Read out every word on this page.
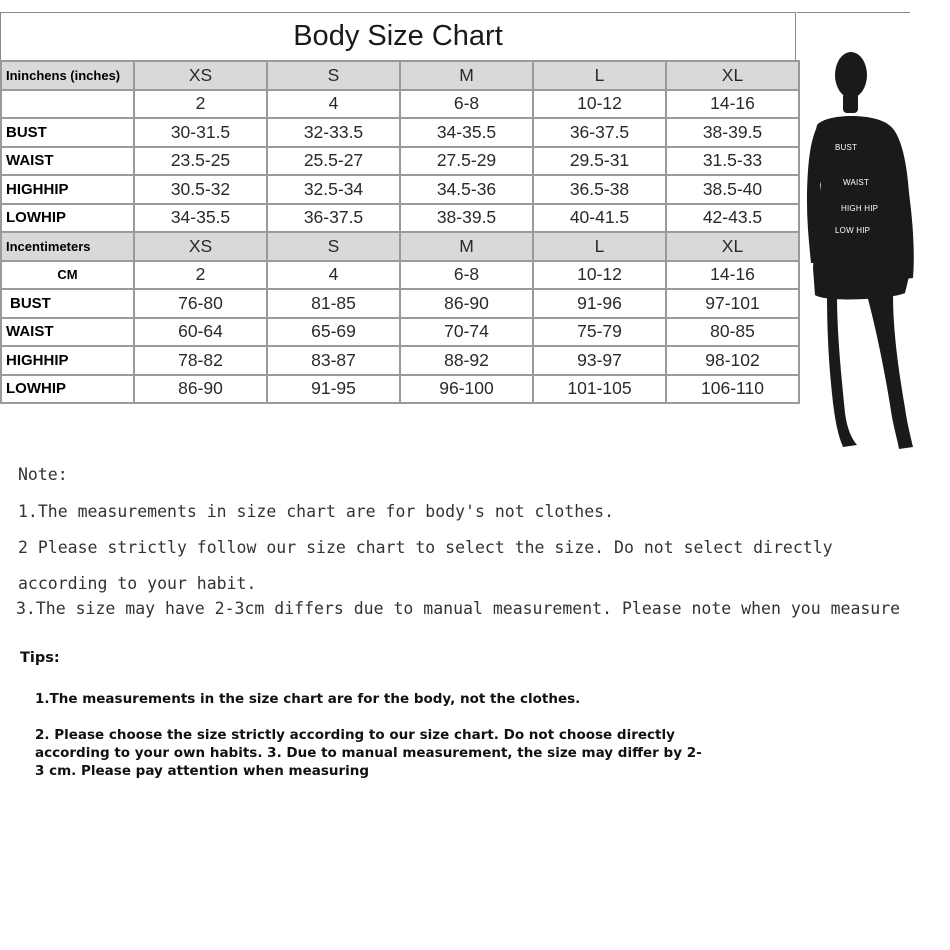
Body Size Chart
Ininchens (inches)	XS	S	M	L	XL
	2	4	6-8	10-12	14-16
BUST	30-31.5	32-33.5	34-35.5	36-37.5	38-39.5
WAIST	23.5-25	25.5-27	27.5-29	29.5-31	31.5-33
HIGHHIP	30.5-32	32.5-34	34.5-36	36.5-38	38.5-40
LOWHIP	34-35.5	36-37.5	38-39.5	40-41.5	42-43.5
Incentimeters	XS	S	M	L	XL
CM	2	4	6-8	10-12	14-16
BUST	76-80	81-85	86-90	91-96	97-101
WAIST	60-64	65-69	70-74	75-79	80-85
HIGHHIP	78-82	83-87	88-92	93-97	98-102
LOWHIP	86-90	91-95	96-100	101-105	106-110
BUST
WAIST
HIGH HIP
LOW HIP
Note:
1.The measurements in size chart are for body's not clothes.
2 Please strictly follow our size chart to select the size. Do not select directly
according to your habit.
3.The size may have 2-3cm differs due to manual measurement. Please note when you measure
Tips:
1.The measurements in the size chart are for the body, not the clothes.
2. Please choose the size strictly according to our size chart. Do not choose directly
according to your own habits. 3. Due to manual measurement, the size may differ by 2-
3 cm. Please pay attention when measuring
